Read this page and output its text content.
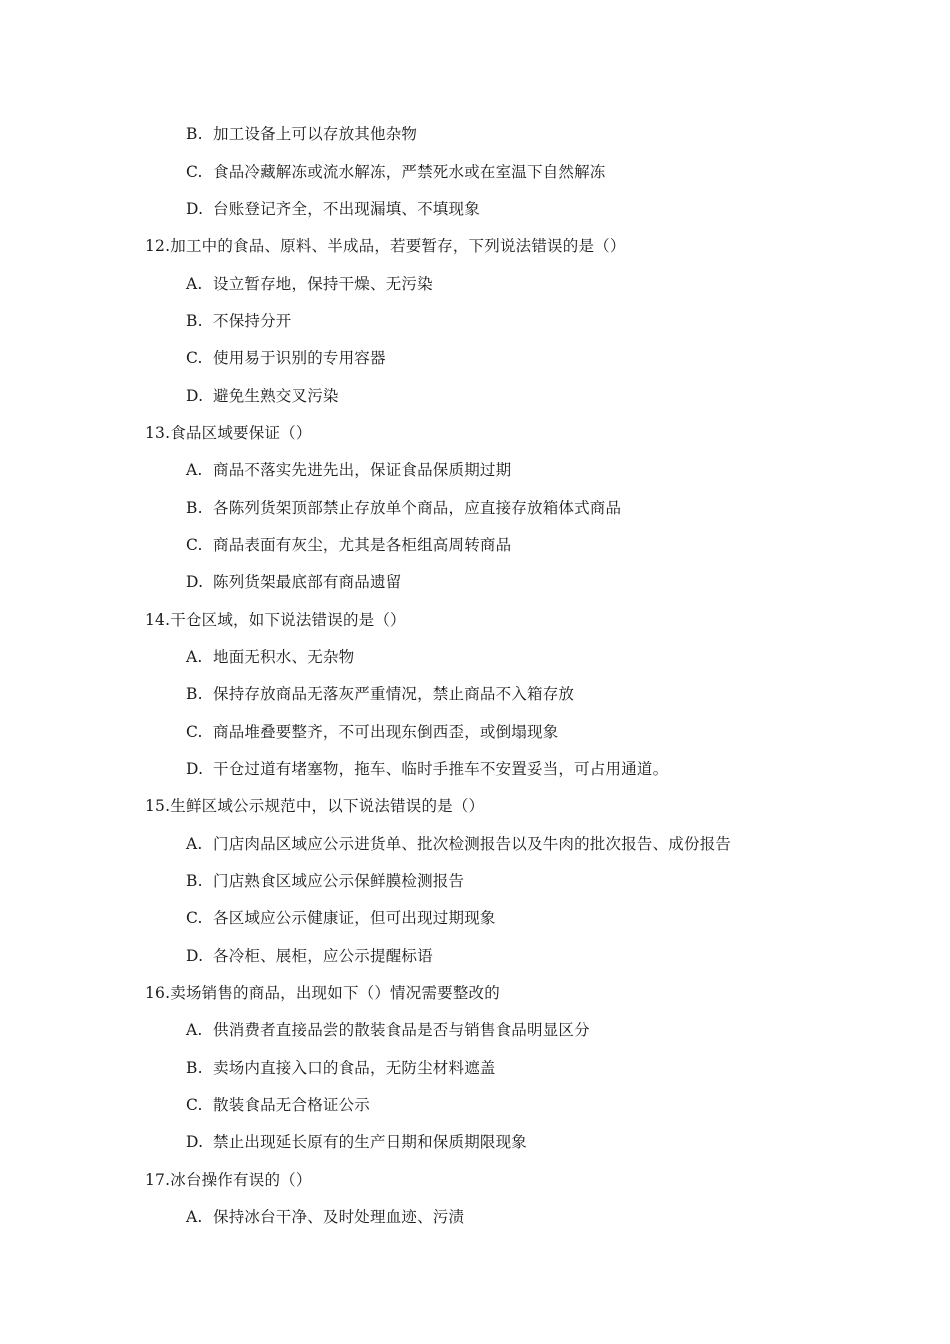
B. 加工设备上可以存放其他杂物
C. 食品冷藏解冻或流水解冻，严禁死水或在室温下自然解冻
D. 台账登记齐全，不出现漏填、不填现象
12.加工中的食品、原料、半成品，若要暂存，下列说法错误的是（）
A. 设立暂存地，保持干燥、无污染
B. 不保持分开
C. 使用易于识别的专用容器
D. 避免生熟交叉污染
13.食品区域要保证（）
A. 商品不落实先进先出，保证食品保质期过期
B. 各陈列货架顶部禁止存放单个商品，应直接存放箱体式商品
C. 商品表面有灰尘，尤其是各柜组高周转商品
D. 陈列货架最底部有商品遗留
14.干仓区域，如下说法错误的是（）
A. 地面无积水、无杂物
B. 保持存放商品无落灰严重情况，禁止商品不入箱存放
C. 商品堆叠要整齐，不可出现东倒西歪，或倒塌现象
D. 干仓过道有堵塞物，拖车、临时手推车不安置妥当，可占用通道。
15.生鲜区域公示规范中，以下说法错误的是（）
A. 门店肉品区域应公示进货单、批次检测报告以及牛肉的批次报告、成份报告
B. 门店熟食区域应公示保鲜膜检测报告
C. 各区域应公示健康证，但可出现过期现象
D. 各冷柜、展柜，应公示提醒标语
16.卖场销售的商品，出现如下（）情况需要整改的
A. 供消费者直接品尝的散装食品是否与销售食品明显区分
B. 卖场内直接入口的食品，无防尘材料遮盖
C. 散装食品无合格证公示
D. 禁止出现延长原有的生产日期和保质期限现象
17.冰台操作有误的（）
A. 保持冰台干净、及时处理血迹、污渍
